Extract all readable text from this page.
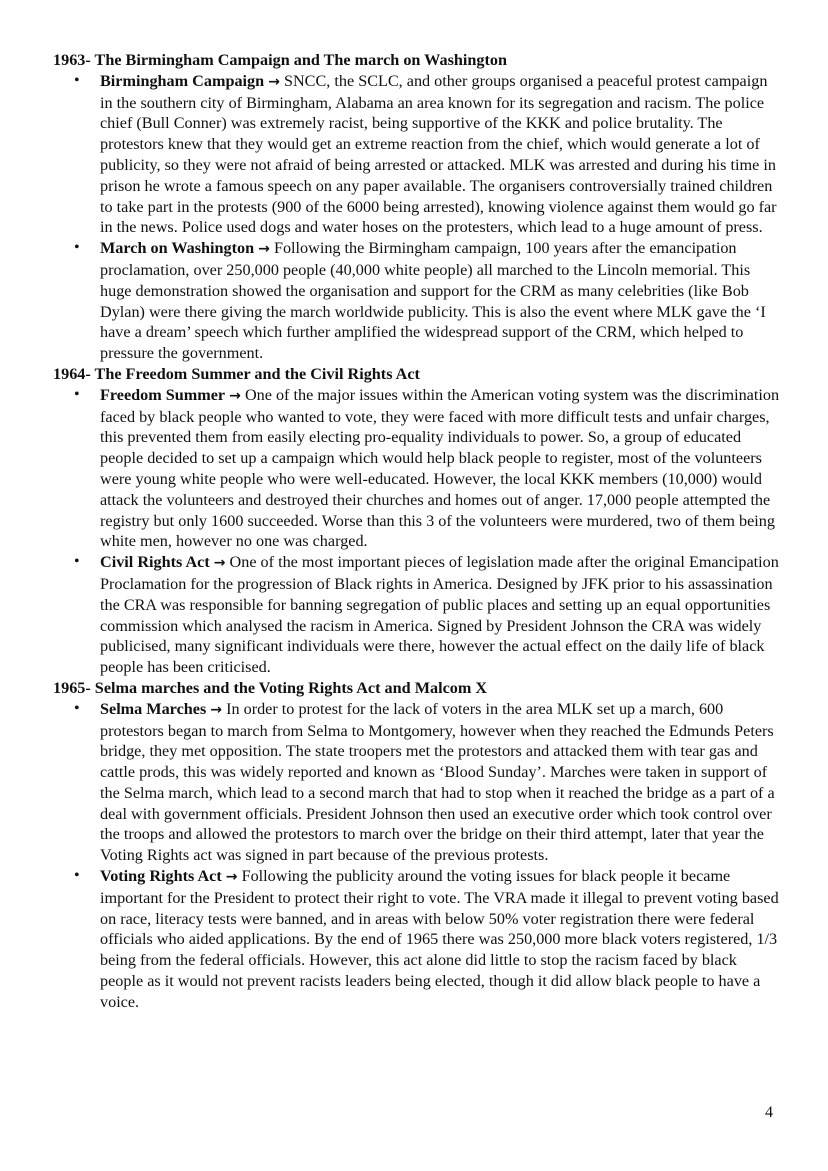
1963- The Birmingham Campaign and The march on Washington

• Birmingham Campaign → SNCC, the SCLC, and other groups organised a peaceful protest campaign in the southern city of Birmingham, Alabama an area known for its segregation and racism. The police chief (Bull Conner) was extremely racist, being supportive of the KKK and police brutality. The protestors knew that they would get an extreme reaction from the chief, which would generate a lot of publicity, so they were not afraid of being arrested or attacked. MLK was arrested and during his time in prison he wrote a famous speech on any paper available. The organisers controversially trained children to take part in the protests (900 of the 6000 being arrested), knowing violence against them would go far in the news. Police used dogs and water hoses on the protesters, which lead to a huge amount of press.
• March on Washington → Following the Birmingham campaign, 100 years after the emancipation proclamation, over 250,000 people (40,000 white people) all marched to the Lincoln memorial. This huge demonstration showed the organisation and support for the CRM as many celebrities (like Bob Dylan) were there giving the march worldwide publicity. This is also the event where MLK gave the ‘I have a dream’ speech which further amplified the widespread support of the CRM, which helped to pressure the government.

1964- The Freedom Summer and the Civil Rights Act

• Freedom Summer → One of the major issues within the American voting system was the discrimination faced by black people who wanted to vote, they were faced with more difficult tests and unfair charges, this prevented them from easily electing pro-equality individuals to power. So, a group of educated people decided to set up a campaign which would help black people to register, most of the volunteers were young white people who were well-educated. However, the local KKK members (10,000) would attack the volunteers and destroyed their churches and homes out of anger. 17,000 people attempted the registry but only 1600 succeeded. Worse than this 3 of the volunteers were murdered, two of them being white men, however no one was charged.
• Civil Rights Act → One of the most important pieces of legislation made after the original Emancipation Proclamation for the progression of Black rights in America. Designed by JFK prior to his assassination the CRA was responsible for banning segregation of public places and setting up an equal opportunities commission which analysed the racism in America. Signed by President Johnson the CRA was widely publicised, many significant individuals were there, however the actual effect on the daily life of black people has been criticised.

1965- Selma marches and the Voting Rights Act and Malcom X

• Selma Marches → In order to protest for the lack of voters in the area MLK set up a march, 600 protestors began to march from Selma to Montgomery, however when they reached the Edmunds Peters bridge, they met opposition. The state troopers met the protestors and attacked them with tear gas and cattle prods, this was widely reported and known as ‘Blood Sunday’. Marches were taken in support of the Selma march, which lead to a second march that had to stop when it reached the bridge as a part of a deal with government officials. President Johnson then used an executive order which took control over the troops and allowed the protestors to march over the bridge on their third attempt, later that year the Voting Rights act was signed in part because of the previous protests.
• Voting Rights Act → Following the publicity around the voting issues for black people it became important for the President to protect their right to vote. The VRA made it illegal to prevent voting based on race, literacy tests were banned, and in areas with below 50% voter registration there were federal officials who aided applications. By the end of 1965 there was 250,000 more black voters registered, 1/3 being from the federal officials. However, this act alone did little to stop the racism faced by black people as it would not prevent racists leaders being elected, though it did allow black people to have a voice.
4
